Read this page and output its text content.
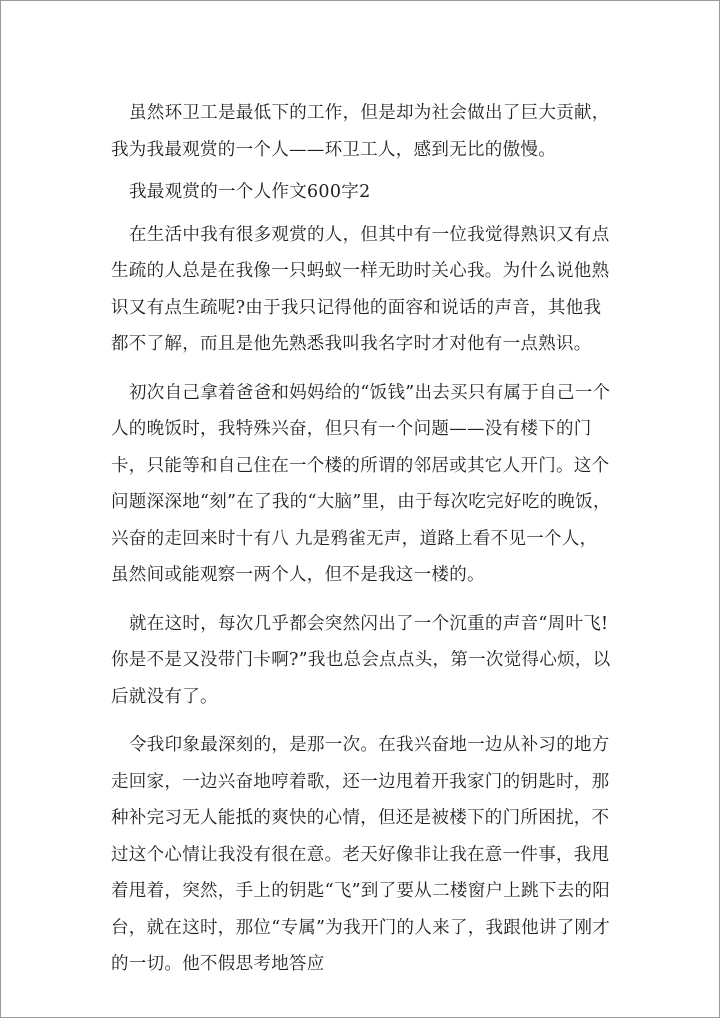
虽然环卫工是最低下的工作，但是却为社会做出了巨大贡献，我为我最观赏的一个人——环卫工人，感到无比的傲慢。

我最观赏的一个人作文600字2

在生活中我有很多观赏的人，但其中有一位我觉得熟识又有点生疏的人总是在我像一只蚂蚁一样无助时关心我。为什么说他熟识又有点生疏呢?由于我只记得他的面容和说话的声音，其他我都不了解，而且是他先熟悉我叫我名字时才对他有一点熟识。

初次自己拿着爸爸和妈妈给的“饭钱”出去买只有属于自己一个人的晚饭时，我特殊兴奋，但只有一个问题——没有楼下的门卡，只能等和自己住在一个楼的所谓的邻居或其它人开门。这个问题深深地“刻”在了我的“大脑”里，由于每次吃完好吃的晚饭，兴奋的走回来时十有八 九是鸦雀无声，道路上看不见一个人，虽然间或能观察一两个人，但不是我这一楼的。

就在这时，每次几乎都会突然闪出了一个沉重的声音“周叶飞!你是不是又没带门卡啊?”我也总会点点头，第一次觉得心烦，以后就没有了。

令我印象最深刻的，是那一次。在我兴奋地一边从补习的地方走回家，一边兴奋地哼着歌，还一边甩着开我家门的钥匙时，那种补完习无人能抵的爽快的心情，但还是被楼下的门所困扰，不过这个心情让我没有很在意。老天好像非让我在意一件事，我甩着甩着，突然，手上的钥匙“飞”到了要从二楼窗户上跳下去的阳台，就在这时，那位“专属”为我开门的人来了，我跟他讲了刚才的一切。他不假思考地答应
